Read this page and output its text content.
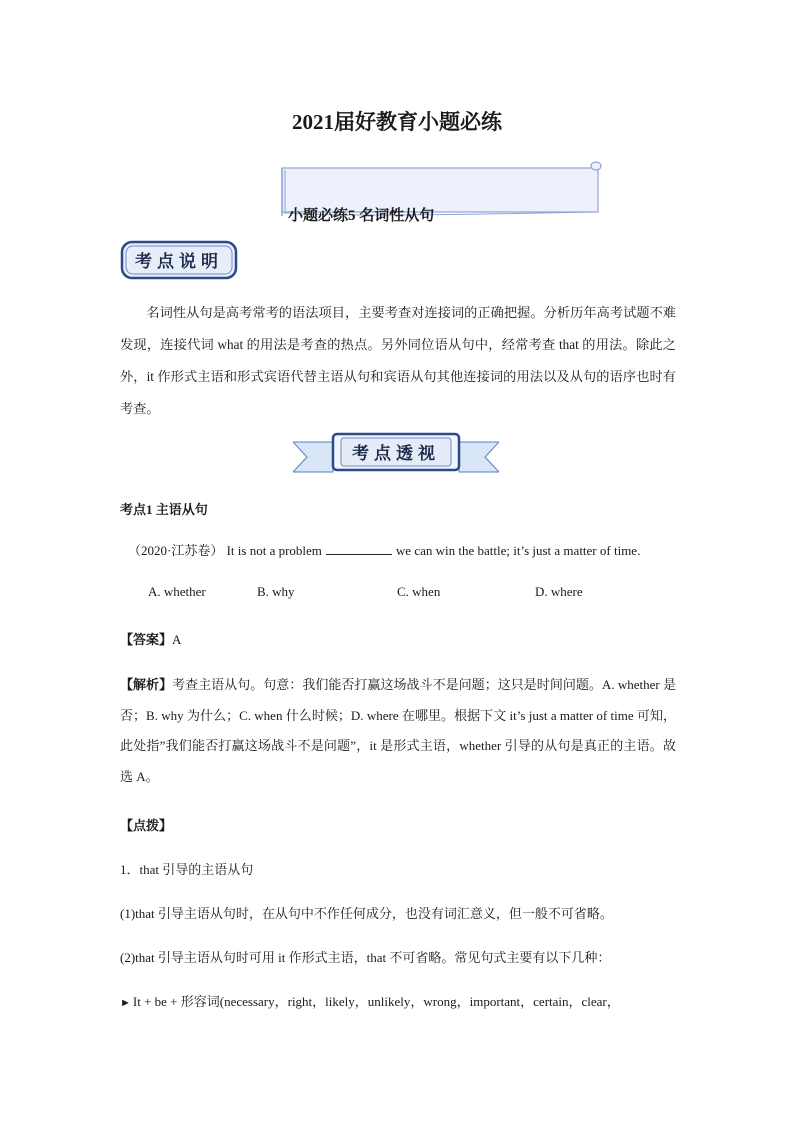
2021届好教育小题必练
小题必练5 名词性从句
考点说明
名词性从句是高考常考的语法项目，主要考查对连接词的正确把握。分析历年高考试题不难发现，连接代词 what 的用法是考查的热点。另外同位语从句中，经常考查 that 的用法。除此之外，it 作形式主语和形式宾语代替主语从句和宾语从句其他连接词的用法以及从句的语序也时有考查。
考点透视
考点1 主语从句
（2020·江苏卷） It is not a problem	we can win the battle; it’s just a matter of time.
A. whether	B. why	C. when	D. where
【答案】A
【解析】考查主语从句。句意：我们能否打赢这场战斗不是问题；这只是时间问题。A. whether 是否；B. why 为什么；C. when 什么时候；D. where 在哪里。根据下文 it’s just a matter of time 可知，此处指”我们能否打赢这场战斗不是问题”，it 是形式主语，whether 引导的从句是真正的主语。故选 A。
【点拨】
1．that 引导的主语从句
(1)that 引导主语从句时，在从句中不作任何成分，也没有词汇意义，但一般不可省略。
(2)that 引导主语从句时可用 it 作形式主语，that 不可省略。常见句式主要有以下几种：
► It + be + 形容词(necessary，right，likely，unlikely，wrong，important，certain，clear，
